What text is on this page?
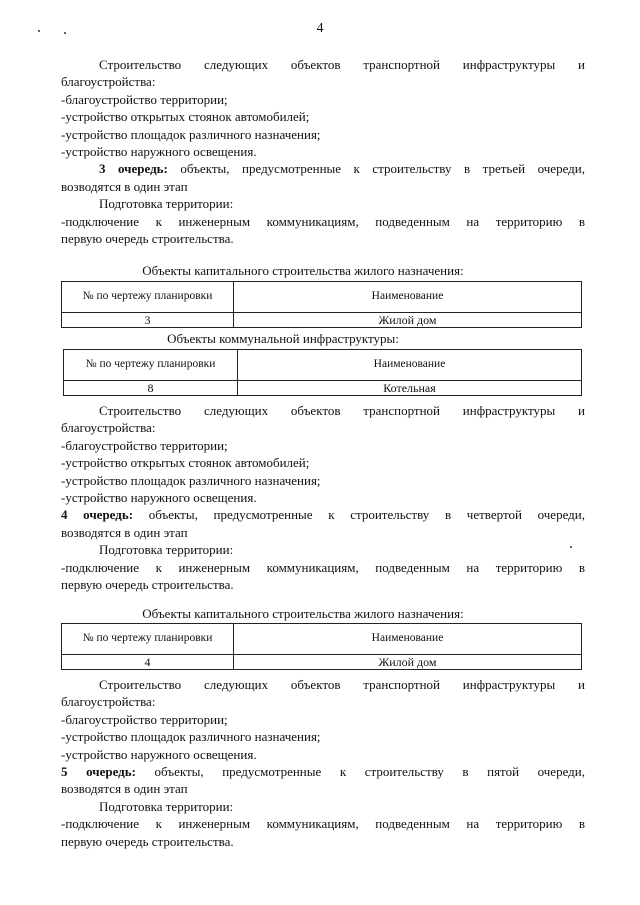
4

Строительство следующих объектов транспортной инфраструктуры и

благоустройства:

-благоустройство территории;

-устройство открытых стоянок автомобилей;

-устройство площадок различного назначения;

-устройство наружного освещения.

3 очередь: объекты, предусмотренные к строительству в третьей очереди,

возводятся в один этап

Подготовка территории:

-подключение к инженерным коммуникациям, подведенным на территорию в

первую очередь строительства.

Объекты капитального строительства жилого назначения:
№ по чертежу планировки	Наименование
3	Жилой дом
Объекты коммунальной инфраструктуры:
№ по чертежу планировки	Наименование
8	Котельная

Строительство следующих объектов транспортной инфраструктуры и

благоустройства:

-благоустройство территории;

-устройство открытых стоянок автомобилей;

-устройство площадок различного назначения;

-устройство наружного освещения.

4 очередь: объекты, предусмотренные к строительству в четвертой очереди,

возводятся в один этап

Подготовка территории:

-подключение к инженерным коммуникациям, подведенным на территорию в

первую очередь строительства.

Объекты капитального строительства жилого назначения:
№ по чертежу планировки	Наименование
4	Жилой дом

Строительство следующих объектов транспортной инфраструктуры и

благоустройства:

-благоустройство территории;

-устройство площадок различного назначения;

-устройство наружного освещения.

5 очередь: объекты, предусмотренные к строительству в пятой очереди,

возводятся в один этап

Подготовка территории:

-подключение к инженерным коммуникациям, подведенным на территорию в

первую очередь строительства.
